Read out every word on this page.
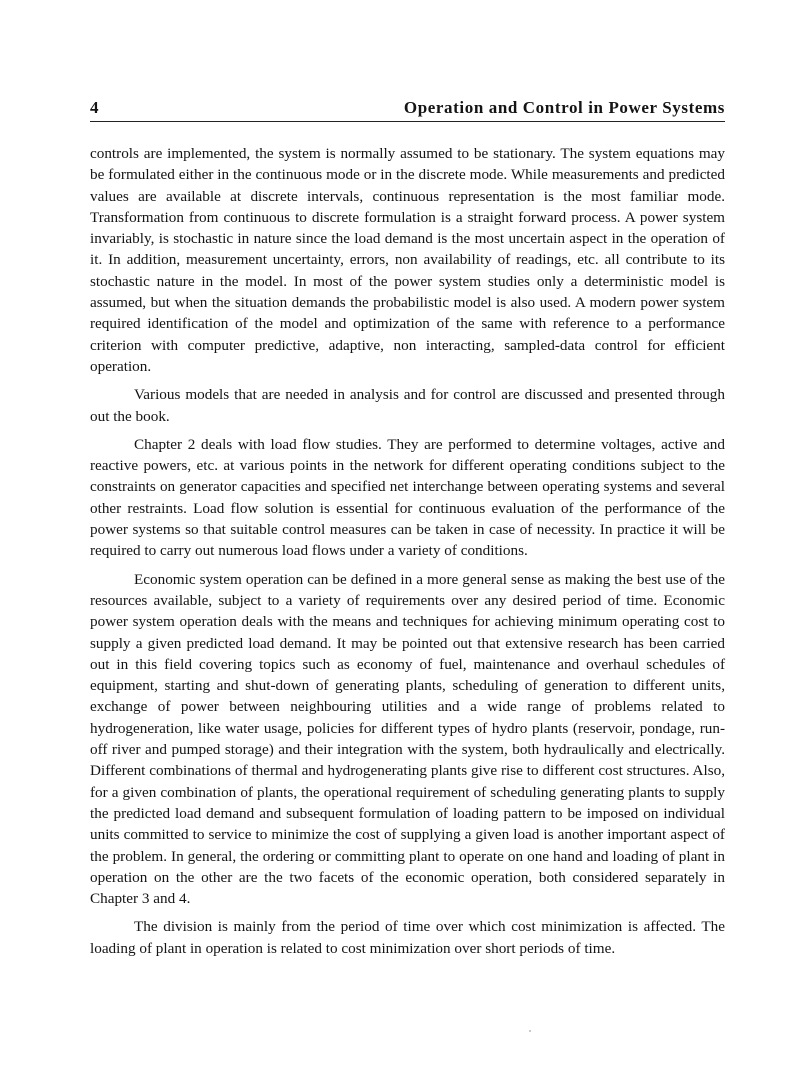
4	Operation and Control in Power Systems

controls are implemented, the system is normally assumed to be stationary. The system equations may be formulated either in the continuous mode or in the discrete mode. While measurements and predicted values are available at discrete intervals, continuous representation is the most familiar mode. Transformation from continuous to discrete formulation is a straight forward process. A power system invariably, is stochastic in nature since the load demand is the most uncertain aspect in the operation of it. In addition, measurement uncertainty, errors, non availability of readings, etc. all contribute to its stochastic nature in the model. In most of the power system studies only a deterministic model is assumed, but when the situation demands the probabilistic model is also used. A modern power system required identification of the model and optimization of the same with reference to a performance criterion with computer predictive, adaptive, non interacting, sampled-data control for efficient operation.

Various models that are needed in analysis and for control are discussed and presented through out the book.

Chapter 2 deals with load flow studies. They are performed to determine voltages, active and reactive powers, etc. at various points in the network for different operating conditions subject to the constraints on generator capacities and specified net interchange between operating systems and several other restraints. Load flow solution is essential for continuous evaluation of the performance of the power systems so that suitable control measures can be taken in case of necessity. In practice it will be required to carry out numerous load flows under a variety of conditions.

Economic system operation can be defined in a more general sense as making the best use of the resources available, subject to a variety of requirements over any desired period of time. Economic power system operation deals with the means and techniques for achieving minimum operating cost to supply a given predicted load demand. It may be pointed out that extensive research has been carried out in this field covering topics such as economy of fuel, maintenance and overhaul schedules of equipment, starting and shut-down of generating plants, scheduling of generation to different units, exchange of power between neighbouring utilities and a wide range of problems related to hydrogeneration, like water usage, policies for different types of hydro plants (reservoir, pondage, run-off river and pumped storage) and their integration with the system, both hydraulically and electrically. Different combinations of thermal and hydrogenerating plants give rise to different cost structures. Also, for a given combination of plants, the operational requirement of scheduling generating plants to supply the predicted load demand and subsequent formulation of loading pattern to be imposed on individual units committed to service to minimize the cost of supplying a given load is another important aspect of the problem. In general, the ordering or committing plant to operate on one hand and loading of plant in operation on the other are the two facets of the economic operation, both considered separately in Chapter 3 and 4.

The division is mainly from the period of time over which cost minimization is affected. The loading of plant in operation is related to cost minimization over short periods of time.
